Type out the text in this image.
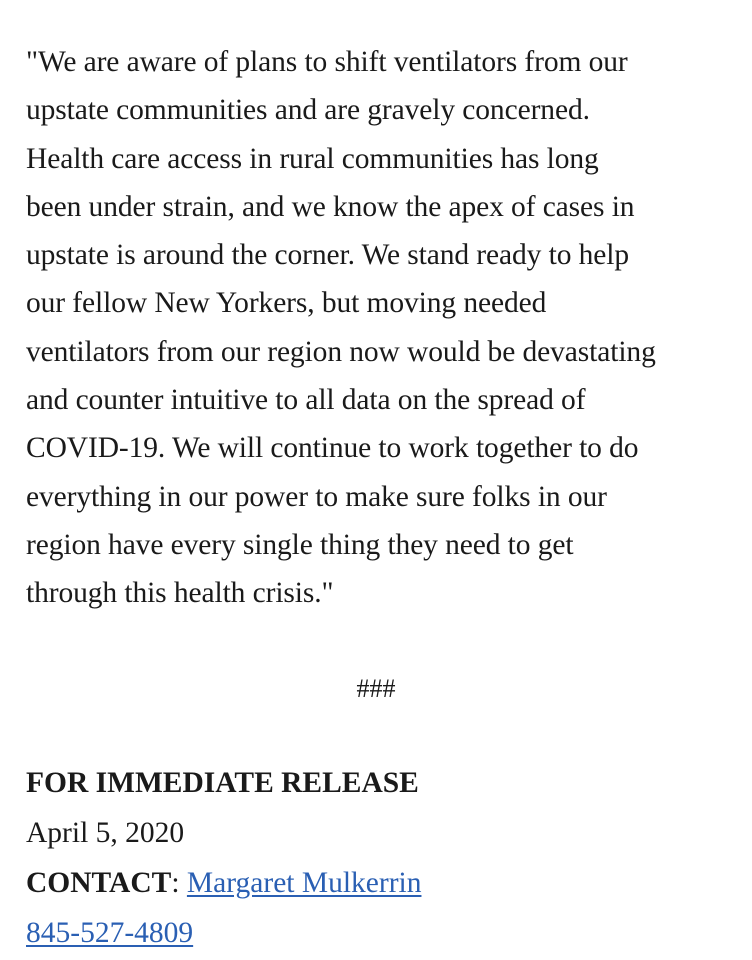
"We are aware of plans to shift ventilators from our
upstate communities and are gravely concerned.
Health care access in rural communities has long
been under strain, and we know the apex of cases in
upstate is around the corner. We stand ready to help
our fellow New Yorkers, but moving needed
ventilators from our region now would be devastating
and counter intuitive to all data on the spread of
COVID-19. We will continue to work together to do
everything in our power to make sure folks in our
region have every single thing they need to get
through this health crisis."

###
FOR IMMEDIATE RELEASE
April 5, 2020
CONTACT: Margaret Mulkerrin
845-527-4809
